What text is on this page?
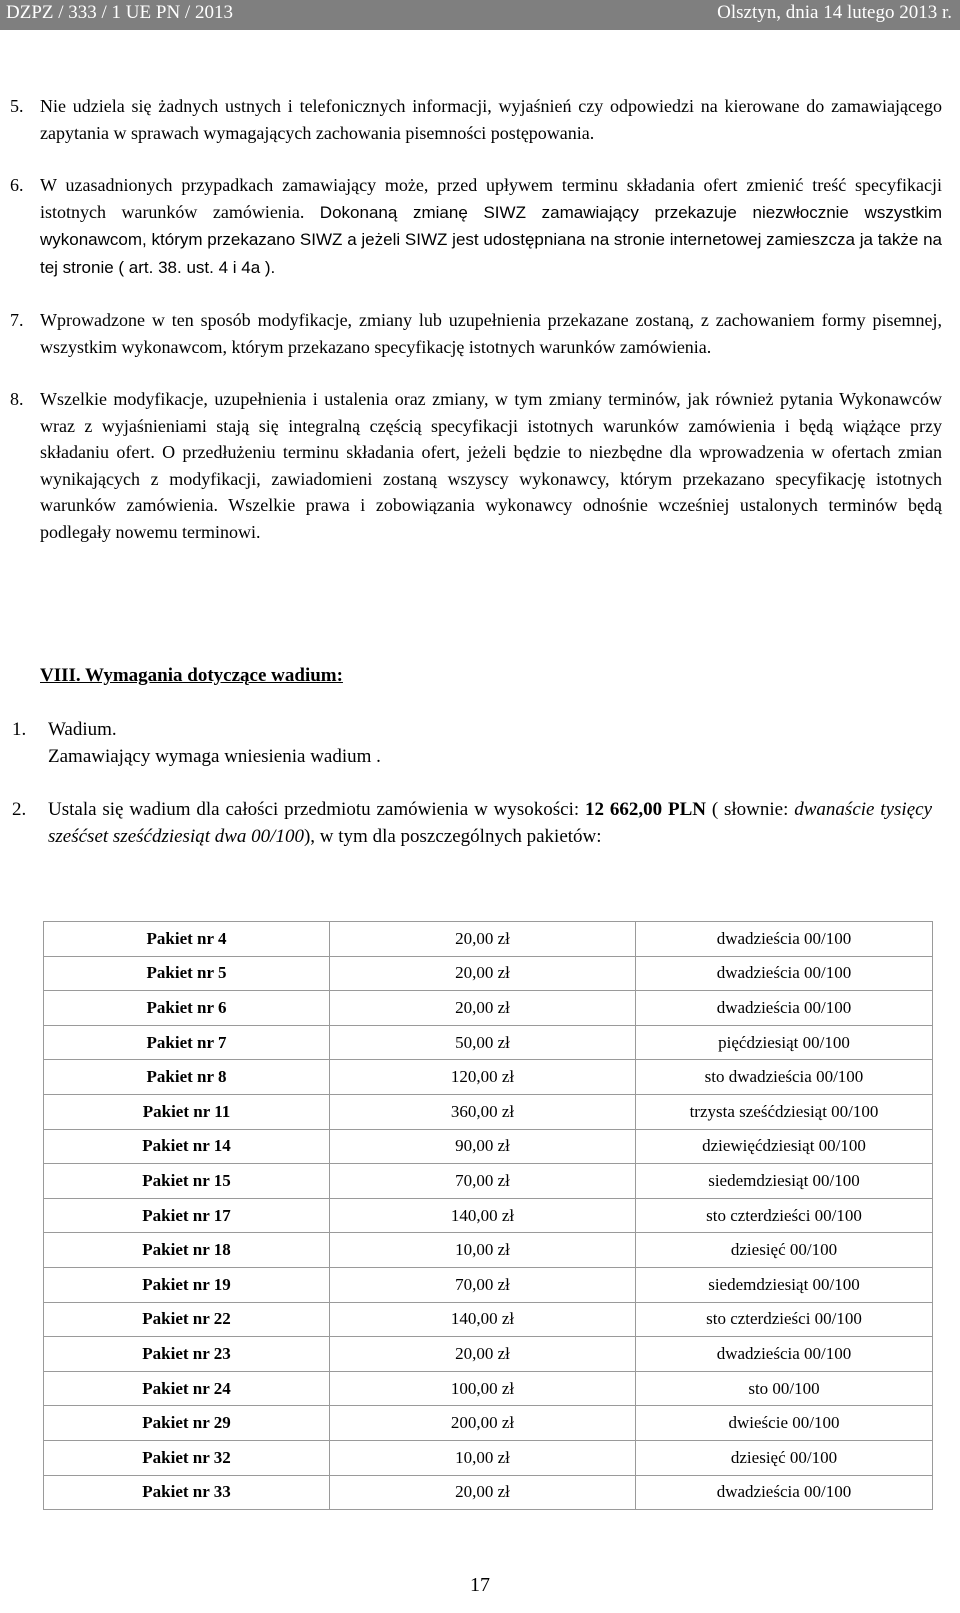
DZPZ / 333 / 1 UE PN / 2013	Olsztyn, dnia 14 lutego 2013 r.

5. Nie udziela się żadnych ustnych i telefonicznych informacji, wyjaśnień czy odpowiedzi na kierowane do zamawiającego zapytania w sprawach wymagających zachowania pisemności postępowania.

6. W uzasadnionych przypadkach zamawiający może, przed upływem terminu składania ofert zmienić treść specyfikacji istotnych warunków zamówienia. Dokonaną zmianę SIWZ zamawiający przekazuje niezwłocznie wszystkim wykonawcom, którym przekazano SIWZ a jeżeli SIWZ jest udostępniana na stronie internetowej zamieszcza ja także na tej stronie ( art. 38. ust. 4 i 4a ).

7. Wprowadzone w ten sposób modyfikacje, zmiany lub uzupełnienia przekazane zostaną, z zachowaniem formy pisemnej, wszystkim wykonawcom, którym przekazano specyfikację istotnych warunków zamówienia.

8. Wszelkie modyfikacje, uzupełnienia i ustalenia oraz zmiany, w tym zmiany terminów, jak również pytania Wykonawców wraz z wyjaśnieniami stają się integralną częścią specyfikacji istotnych warunków zamówienia i będą wiążące przy składaniu ofert. O przedłużeniu terminu składania ofert, jeżeli będzie to niezbędne dla wprowadzenia w ofertach zmian wynikających z modyfikacji, zawiadomieni zostaną wszyscy wykonawcy, którym przekazano specyfikację istotnych warunków zamówienia. Wszelkie prawa i zobowiązania wykonawcy odnośnie wcześniej ustalonych terminów będą podlegały nowemu terminowi.

VIII. Wymagania dotyczące wadium:
1. Wadium.
Zamawiający wymaga wniesienia wadium .
2. Ustala się wadium dla całości przedmiotu zamówienia w wysokości: 12 662,00 PLN ( słownie: dwanaście tysięcy sześćset sześćdziesiąt dwa 00/100), w tym dla poszczególnych pakietów:
Pakiet nr 4	20,00 zł	dwadzieścia 00/100
Pakiet nr 5	20,00 zł	dwadzieścia 00/100
Pakiet nr 6	20,00 zł	dwadzieścia 00/100
Pakiet nr 7	50,00 zł	pięćdziesiąt 00/100
Pakiet nr 8	120,00 zł	sto dwadzieścia 00/100
Pakiet nr 11	360,00 zł	trzysta sześćdziesiąt 00/100
Pakiet nr 14	90,00 zł	dziewięćdziesiąt 00/100
Pakiet nr 15	70,00 zł	siedemdziesiąt 00/100
Pakiet nr 17	140,00 zł	sto czterdzieści 00/100
Pakiet nr 18	10,00 zł	dziesięć 00/100
Pakiet nr 19	70,00 zł	siedemdziesiąt 00/100
Pakiet nr 22	140,00 zł	sto czterdzieści 00/100
Pakiet nr 23	20,00 zł	dwadzieścia 00/100
Pakiet nr 24	100,00 zł	sto 00/100
Pakiet nr 29	200,00 zł	dwieście 00/100
Pakiet nr 32	10,00 zł	dziesięć 00/100
Pakiet nr 33	20,00 zł	dwadzieścia 00/100
17
